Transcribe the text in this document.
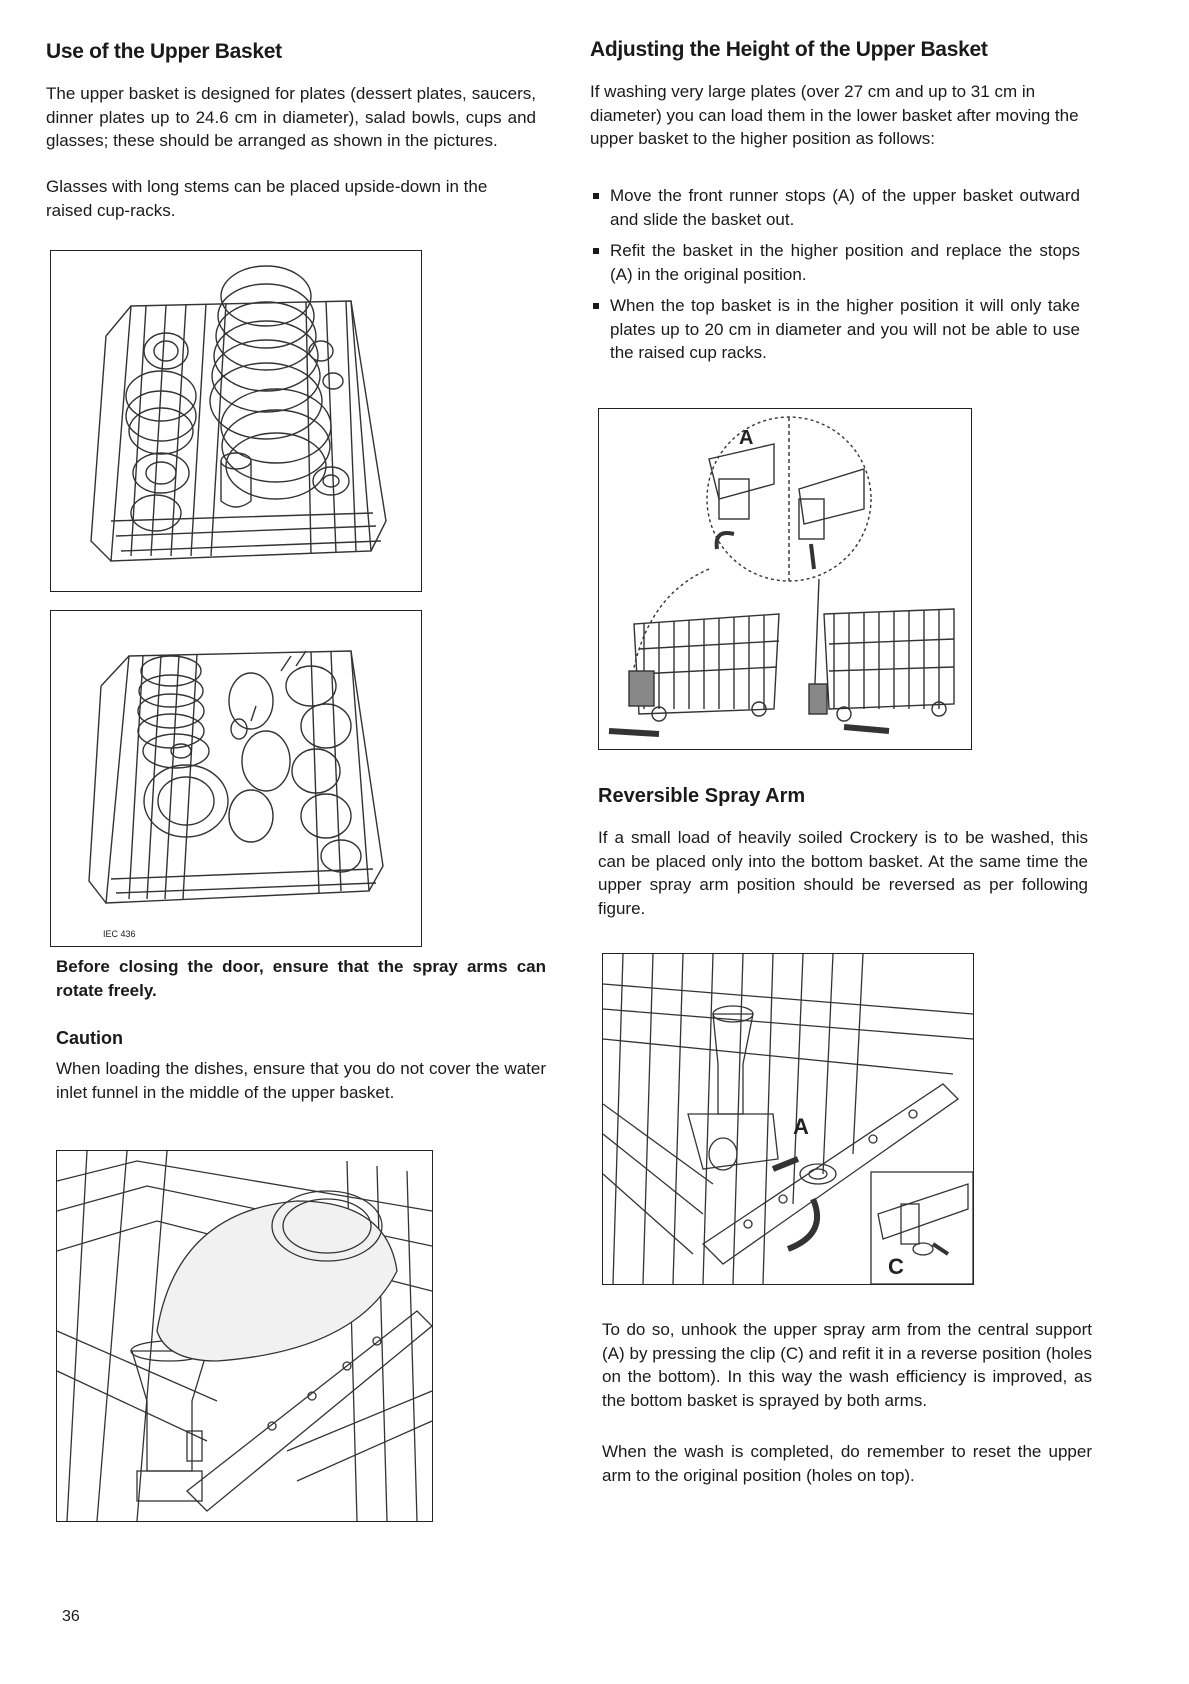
Use of the Upper Basket

The upper basket is designed for plates (dessert plates, saucers, dinner plates up to 24.6 cm in diameter), salad bowls, cups and glasses; these should be arranged as shown in the pictures.

Glasses with long stems can be placed upside-down in the raised cup-racks.

IEC 436

Before closing the door, ensure that the spray arms can rotate freely.

Caution

When loading the dishes, ensure that you do not cover the water inlet funnel in the middle of the upper basket.

Adjusting the Height of the Upper Basket

If washing very large plates (over 27 cm and up to 31 cm in diameter) you can load them in the lower basket after moving the upper basket to the higher position as follows:

Move the front runner stops (A) of the upper basket outward and slide the basket out.
Refit the basket in the higher position and replace the stops (A) in the original position.
When the top basket is in the higher position it will only take plates up to 20 cm in diameter and you will not be able to use the raised cup racks.
A
Reversible Spray Arm

If a small load of heavily soiled Crockery is to be washed, this can be placed only into the bottom basket. At the same time the upper spray arm position should be reversed as per following figure.

A
C

To do so, unhook the upper spray arm from the central support (A) by pressing the clip (C) and refit it in a reverse position (holes on the bottom). In this way the wash efficiency is improved, as the bottom basket is sprayed by both arms.

When the wash is completed, do remember to reset the upper arm to the original position (holes on top).

36
